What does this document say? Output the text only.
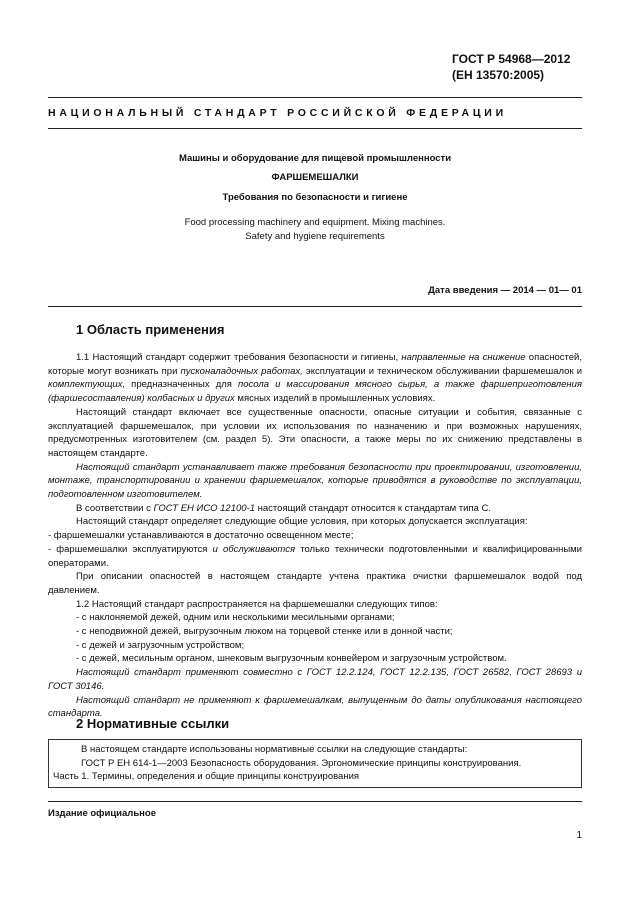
ГОСТ Р 54968—2012
(ЕН 13570:2005)
НАЦИОНАЛЬНЫЙ СТАНДАРТ РОССИЙСКОЙ ФЕДЕРАЦИИ
Машины и оборудование для пищевой промышленности
ФАРШЕМЕШАЛКИ
Требования по безопасности и гигиене
Food processing machinery and equipment. Mixing machines.
Safety and hygiene requirements
Дата введения — 2014 — 01— 01
1 Область применения

1.1 Настоящий стандарт содержит требования безопасности и гигиены, направленные на снижение опасностей, которые могут возникать при пусконаладочных работах, эксплуатации и техническом обслуживании фаршемешалок и комплектующих, предназначенных для посола и массирования мясного сырья, а также фаршеприготовления (фаршесоставления) колбасных и других мясных изделий в промышленных условиях.

Настоящий стандарт включает все существенные опасности, опасные ситуации и события, связанные с эксплуатацией фаршемешалок, при условии их использования по назначению и при возможных нарушениях, предусмотренных изготовителем (см. раздел 5). Эти опасности, а также меры по их снижению представлены в настоящем стандарте.

Настоящий стандарт устанавливает также требования безопасности при проектировании, изготовлении, монтаже, транспортировании и хранении фаршемешалок, которые приводятся в руководстве по эксплуатации, подготовленном изготовителем.

В соответствии с ГОСТ ЕН ИСО 12100-1 настоящий стандарт относится к стандартам типа С.

Настоящий стандарт определяет следующие общие условия, при которых допускается эксплуатация:

- фаршемешалки устанавливаются в достаточно освещенном месте;

- фаршемешалки эксплуатируются и обслуживаются только технически подготовленными и квалифицированными операторами.

При описании опасностей в настоящем стандарте учтена практика очистки фаршемешалок водой под давлением.

1.2 Настоящий стандарт распространяется на фаршемешалки следующих типов:

- с наклоняемой дежей, одним или несколькими месильными органами;

- с неподвижной дежей, выгрузочным люком на торцевой стенке или в донной части;

- с дежей и загрузочным устройством;

- с дежей, месильным органом, шнековым выгрузочным конвейером и загрузочным устройством.

Настоящий стандарт применяют совместно с ГОСТ 12.2.124, ГОСТ 12.2.135, ГОСТ 26582, ГОСТ 28693 и ГОСТ 30146.

Настоящий стандарт не применяют к фаршемешалкам, выпущенным до даты опубликования настоящего стандарта.

2 Нормативные ссылки

В настоящем стандарте использованы нормативные ссылки на следующие стандарты:

ГОСТ Р ЕН 614-1—2003 Безопасность оборудования. Эргономические принципы конструирования.

Часть 1. Термины, определения и общие принципы конструирования

Издание официальное
1
